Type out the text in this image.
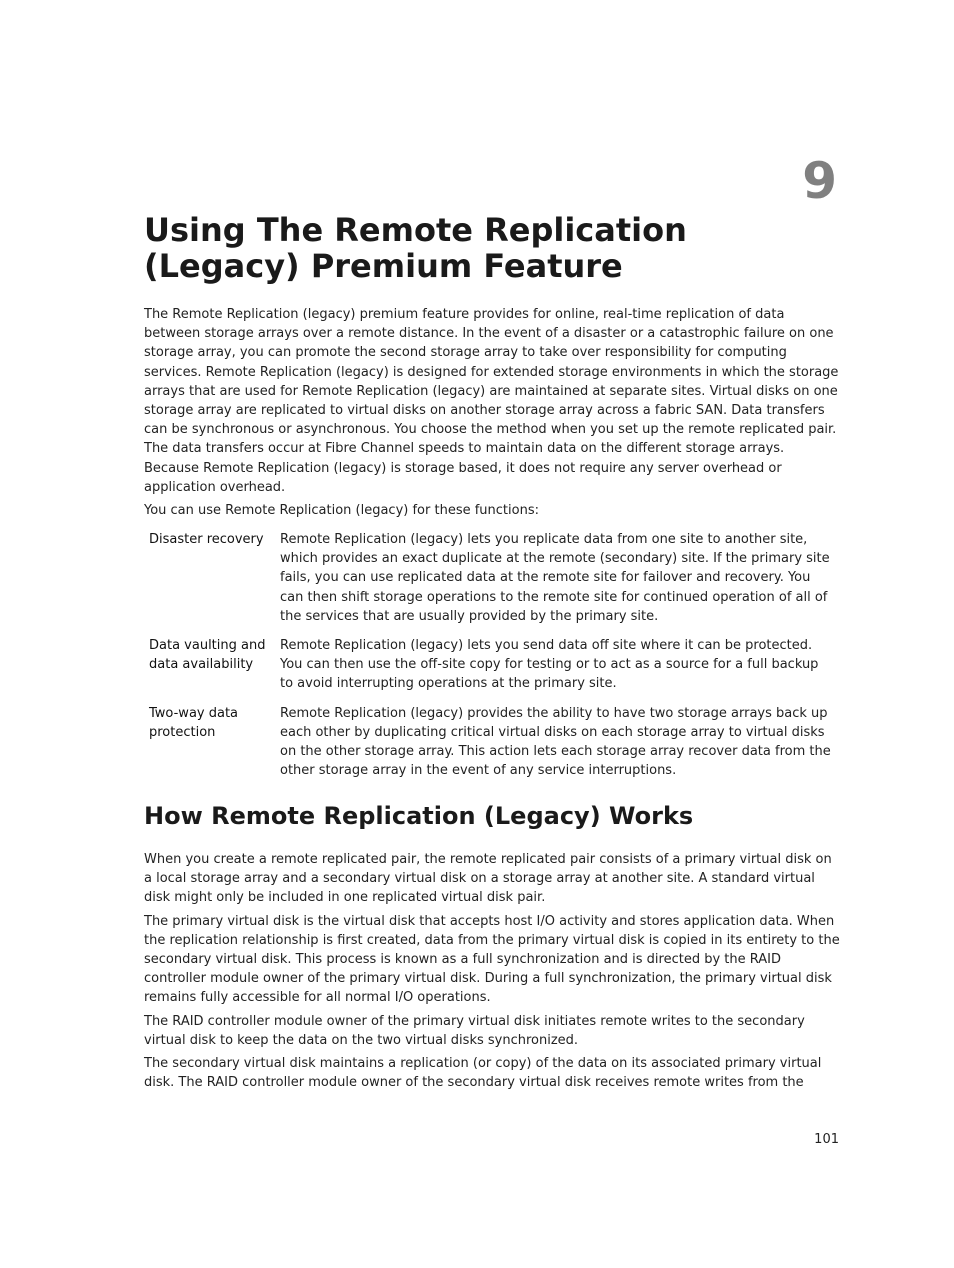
9
Using The Remote Replication (Legacy) Premium Feature

The Remote Replication (legacy) premium feature provides for online, real-time replication of data between storage arrays over a remote distance. In the event of a disaster or a catastrophic failure on one storage array, you can promote the second storage array to take over responsibility for computing services. Remote Replication (legacy) is designed for extended storage environments in which the storage arrays that are used for Remote Replication (legacy) are maintained at separate sites. Virtual disks on one storage array are replicated to virtual disks on another storage array across a fabric SAN. Data transfers can be synchronous or asynchronous. You choose the method when you set up the remote replicated pair. The data transfers occur at Fibre Channel speeds to maintain data on the different storage arrays. Because Remote Replication (legacy) is storage based, it does not require any server overhead or application overhead.

You can use Remote Replication (legacy) for these functions:

Disaster recovery	Remote Replication (legacy) lets you replicate data from one site to another site, which provides an exact duplicate at the remote (secondary) site. If the primary site fails, you can use replicated data at the remote site for failover and recovery. You can then shift storage operations to the remote site for continued operation of all of the services that are usually provided by the primary site.
Data vaulting and data availability
Remote Replication (legacy) lets you send data off site where it can be protected. You can then use the off-site copy for testing or to act as a source for a full backup to avoid interrupting operations at the primary site.
Two-way data protection
Remote Replication (legacy) provides the ability to have two storage arrays back up each other by duplicating critical virtual disks on each storage array to virtual disks on the other storage array. This action lets each storage array recover data from the other storage array in the event of any service interruptions.
How Remote Replication (Legacy) Works

When you create a remote replicated pair, the remote replicated pair consists of a primary virtual disk on a local storage array and a secondary virtual disk on a storage array at another site. A standard virtual disk might only be included in one replicated virtual disk pair.

The primary virtual disk is the virtual disk that accepts host I/O activity and stores application data. When the replication relationship is first created, data from the primary virtual disk is copied in its entirety to the secondary virtual disk. This process is known as a full synchronization and is directed by the RAID controller module owner of the primary virtual disk. During a full synchronization, the primary virtual disk remains fully accessible for all normal I/O operations.

The RAID controller module owner of the primary virtual disk initiates remote writes to the secondary virtual disk to keep the data on the two virtual disks synchronized.

The secondary virtual disk maintains a replication (or copy) of the data on its associated primary virtual disk. The RAID controller module owner of the secondary virtual disk receives remote writes from the

101
